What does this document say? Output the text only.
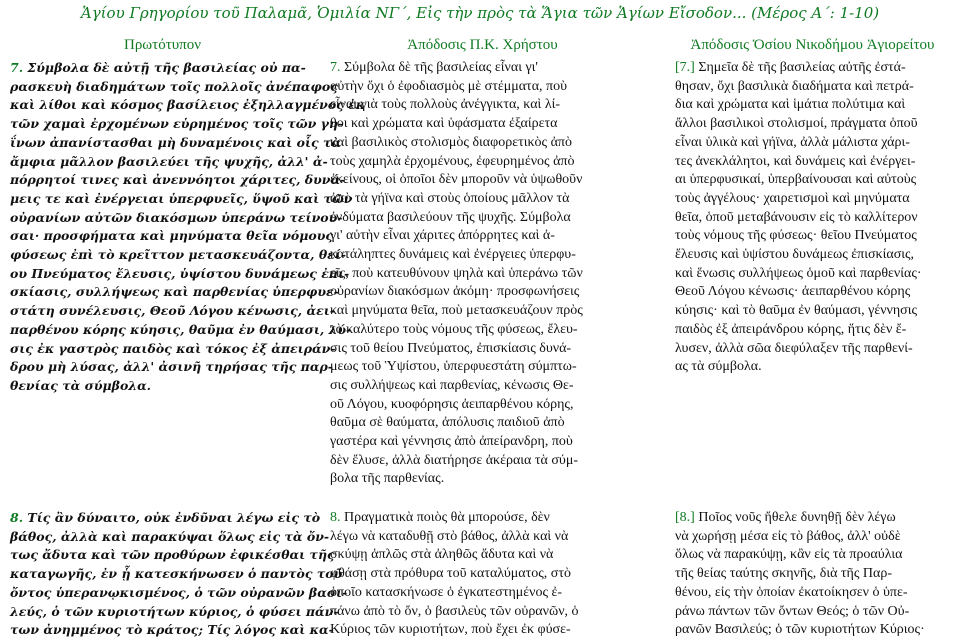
Ἁγίου Γρηγορίου τοῦ Παλαμᾶ, Ὁμιλία ΝΓ΄, Εἰς τὴν πρὸς τὰ Ἅγια τῶν Ἁγίων Εἴσοδον... (Μέρος Α΄: 1-10)
Πρωτότυπον	Ἀπόδοσις Π.Κ. Χρήστου	Ἀπόδοσις Ὁσίου Νικοδήμου Ἁγιορείτου
7. Σύμβολα δὲ αὐτῇ τῆς βασιλείας οὐ πα-
ρασκευὴ διαδημάτων τοῖς πολλοῖς ἀνέπαφος
καὶ λίθοι καὶ κόσμος βασίλειος ἐξηλλαγμένος ἐκ
τῶν χαμαὶ ἐρχομένων εὑρημένος τοῖς τῶν γη-
ΐνων ἀπανίστασθαι μὴ δυναμένοις καὶ οἷς τὰ
ἄμφια μᾶλλον βασιλεύει τῆς ψυχῆς, ἀλλ' ἀ-
πόρρητοί τινες καὶ ἀνεννόητοι χάριτες, δυνά-
μεις τε καὶ ἐνέργειαι ὑπερφυεῖς, ὕψοῦ καὶ τῶν
οὐρανίων αὐτῶν διακόσμων ὑπεράνω τείνου-
σαι· προσφήματα καὶ μηνύματα θεῖα νόμους
φύσεως ἐπὶ τὸ κρεῖττον μετασκευάζοντα, θεί-
ου Πνεύματος ἔλευσις, ὑψίστου δυνάμεως ἐπι-
σκίασις, συλλήψεως καὶ παρθενίας ὑπερφυε-
στάτη συνέλευσις, Θεοῦ Λόγου κένωσις, ἀει-
παρθένου κόρης κύησις, θαῦμα ἐν θαύμασι, λύ-
σις ἐκ γαστρὸς παιδὸς καὶ τόκος ἐξ ἀπειράν-
δρου μὴ λύσας, ἀλλ' ἀσινῆ τηρήσας τῆς παρ-
θενίας τὰ σύμβολα.
7. Σύμβολα δὲ τῆς βασιλείας εἶναι γι'
αὐτὴν ὄχι ὁ ἐφοδιασμὸς μὲ στέμματα, ποὺ
εἶναι γιὰ τοὺς πολλοὺς ἀνέγγικτα, καὶ λί-
θοι καὶ χρώματα καὶ ὑφάσματα ἐξαίρετα
καὶ βασιλικὸς στολισμὸς διαφορετικὸς ἀπὸ
τοὺς χαμηλὰ ἐρχομένους, ἐφευρημένος ἀπὸ
ἐκείνους, οἱ ὁποῖοι δὲν μποροῦν νὰ ὑψωθοῦν
ἀπὸ τὰ γήϊνα καὶ στοὺς ὁποίους μᾶλλον τὰ
ἐνδύματα βασιλεύουν τῆς ψυχῆς. Σύμβολα
γι' αὐτὴν εἶναι χάριτες ἀπόρρητες καὶ ἀ-
κατάληπτες δυνάμεις καὶ ἐνέργειες ὑπερφυ-
εῖς, ποὺ κατευθύνουν ψηλὰ καὶ ὑπεράνω τῶν
οὐρανίων διακόσμων ἀκόμη· προσφωνήσεις
καὶ μηνύματα θεῖα, ποὺ μετασκευάζουν πρὸς
τὸ καλύτερο τοὺς νόμους τῆς φύσεως, ἔλευ-
σις τοῦ θείου Πνεύματος, ἐπισκίασις δυνά-
μεως τοῦ Ὑψίστου, ὑπερφυεστάτη σύμπτω-
σις συλλήψεως καὶ παρθενίας, κένωσις Θε-
οῦ Λόγου, κυοφόρησις ἀειπαρθένου κόρης,
θαῦμα σὲ θαύματα, ἀπόλυσις παιδιοῦ ἀπὸ
γαστέρα καὶ γέννησις ἀπὸ ἀπείρανδρη, ποὺ
δὲν ἔλυσε, ἀλλὰ διατήρησε ἀκέραια τὰ σύμ-
βολα τῆς παρθενίας.
[7.] Σημεῖα δὲ τῆς βασιλείας αὐτῆς ἐστά-
θησαν, ὄχι βασιλικὰ διαδήματα καὶ πετρά-
δια καὶ χρώματα καὶ ἱμάτια πολύτιμα καὶ
ἄλλοι βασιλικοὶ στολισμοί, πράγματα ὁποῦ
εἶναι ὑλικὰ καὶ γήϊνα, ἀλλὰ μάλιστα χάρι-
τες ἀνεκλάλητοι, καὶ δυνάμεις καὶ ἐνέργει-
αι ὑπερφυσικαί, ὑπερβαίνουσαι καὶ αὐτοὺς
τοὺς ἀγγέλους· χαιρετισμοὶ καὶ μηνύματα
θεῖα, ὁποῦ μεταβάνουσιν εἰς τὸ καλλίτερον
τοὺς νόμους τῆς φύσεως· θεῖου Πνεύματος
ἔλευσις καὶ ὑψίστου δυνάμεως ἐπισκίασις,
καὶ ἕνωσις συλλήψεως ὁμοῦ καὶ παρθενίας·
Θεοῦ Λόγου κένωσις· ἀειπαρθένου κόρης
κύησις· καὶ τὸ θαῦμα ἐν θαύμασι, γέννησις
παιδὸς ἐξ ἀπειράνδρου κόρης, ἥτις δὲν ἔ-
λυσεν, ἀλλὰ σῶα διεφύλαξεν τῆς παρθενί-
ας τὰ σύμβολα.
8. Τίς ἂν δύναιτο, οὐκ ἐνδῦναι λέγω εἰς τὸ
βάθος, ἀλλὰ καὶ παρακύψαι ὅλως εἰς τὰ ὄν-
τως ἄδυτα καὶ τῶν προθύρων ἐφικέσθαι τῆς
καταγωγῆς, ἐν ᾗ κατεσκήνωσεν ὁ παντὸς τοῦ
ὄντος ὑπερανῳκισμένος, ὁ τῶν οὐρανῶν βασι-
λεύς, ὁ τῶν κυριοτήτων κύριος, ὁ φύσει πάν-
των ἀνημμένος τὸ κράτος; Τίς λόγος καὶ κα-
8. Πραγματικὰ ποιὸς θὰ μπορούσε, δὲν
λέγω νὰ καταδυθῇ στὸ βάθος, ἀλλὰ καὶ νὰ
σκύψῃ ἁπλῶς στὰ ἀληθῶς ἄδυτα καὶ νὰ
φθάσῃ στὰ πρόθυρα τοῦ καταλύματος, στὸ
ὁποῖο κατασκήνωσε ὁ ἐγκατεστημένος ἐ-
πάνω ἀπὸ τὸ ὄν, ὁ βασιλεὺς τῶν οὐρανῶν, ὁ
Κύριος τῶν κυριοτήτων, ποὺ ἔχει ἐκ φύσε-
[8.] Ποῖος νοῦς ἤθελε δυνηθῇ δὲν λέγω
νὰ χωρήσῃ μέσα εἰς τὸ βάθος, ἀλλ' οὐδὲ
ὅλως νὰ παρακύψῃ, κἂν εἰς τὰ προαύλια
τῆς θείας ταύτης σκηνῆς, διὰ τῆς Παρ-
θένου, εἰς τὴν ὁποίαν ἐκατοίκησεν ὁ ὑπε-
ράνω πάντων τῶν ὄντων Θεός; ὁ τῶν Οὐ-
ρανῶν Βασιλεύς; ὁ τῶν κυριοτήτων Κύριος·
